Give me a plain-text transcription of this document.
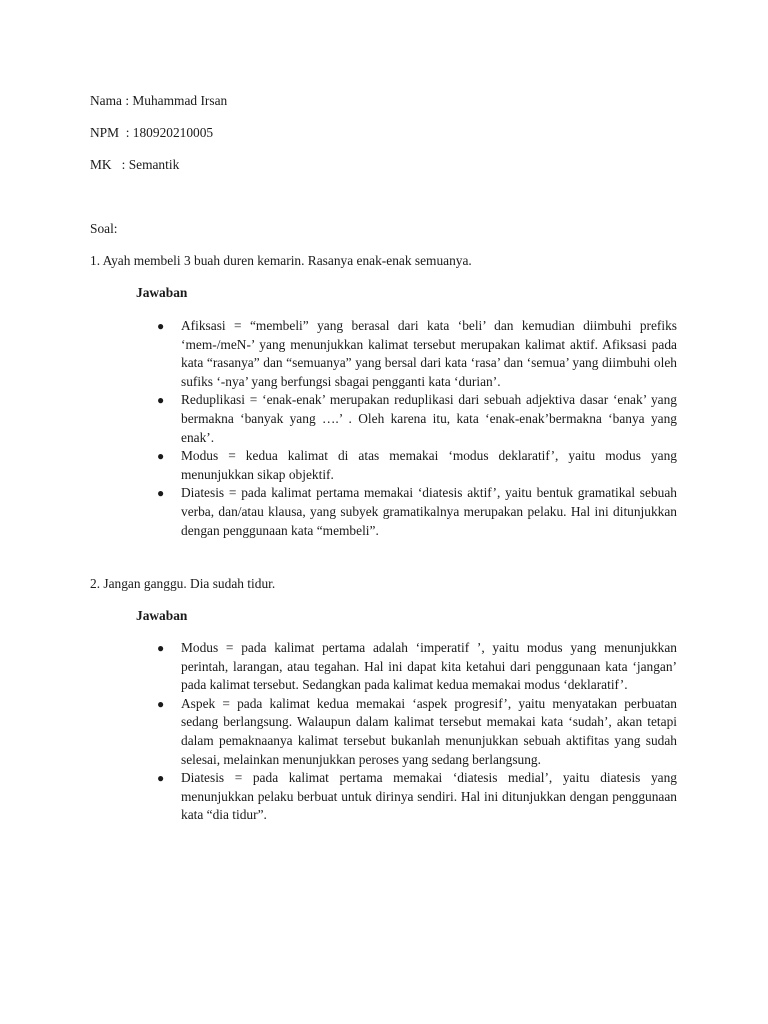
Nama : Muhammad Irsan
NPM  : 180920210005
MK   : Semantik
Soal:
1. Ayah membeli 3 buah duren kemarin. Rasanya enak-enak semuanya.
Jawaban
● Afiksasi = “membeli” yang berasal dari kata ‘beli’ dan kemudian diimbuhi prefiks ‘mem-/meN-’ yang menunjukkan kalimat tersebut merupakan kalimat aktif. Afiksasi pada kata “rasanya” dan “semuanya” yang bersal dari kata ‘rasa’ dan ‘semua’ yang diimbuhi oleh sufiks ‘-nya’ yang berfungsi sbagai pengganti kata ‘durian’.
● Reduplikasi = ‘enak-enak’ merupakan reduplikasi dari sebuah adjektiva dasar ‘enak’ yang bermakna ‘banyak yang ….’ . Oleh karena itu, kata ‘enak-enak’bermakna ‘banya yang enak’.
● Modus = kedua kalimat di atas memakai ‘modus deklaratif’, yaitu modus yang menunjukkan sikap objektif.
● Diatesis = pada kalimat pertama memakai ‘diatesis aktif’, yaitu bentuk gramatikal sebuah verba, dan/atau klausa, yang subyek gramatikalnya merupakan pelaku. Hal ini ditunjukkan dengan penggunaan kata “membeli”.
2. Jangan ganggu. Dia sudah tidur.
Jawaban
● Modus = pada kalimat pertama adalah ‘imperatif ’, yaitu modus yang menunjukkan perintah, larangan, atau tegahan. Hal ini dapat kita ketahui dari penggunaan kata ‘jangan’ pada kalimat tersebut. Sedangkan pada kalimat kedua memakai modus ‘deklaratif’.
● Aspek = pada kalimat kedua memakai ‘aspek progresif’, yaitu menyatakan perbuatan sedang berlangsung. Walaupun dalam kalimat tersebut memakai kata ‘sudah’, akan tetapi dalam pemaknaanya kalimat tersebut bukanlah menunjukkan sebuah aktifitas yang sudah selesai, melainkan menunjukkan peroses yang sedang berlangsung.
● Diatesis = pada kalimat pertama memakai ‘diatesis medial’, yaitu diatesis yang menunjukkan pelaku berbuat untuk dirinya sendiri. Hal ini ditunjukkan dengan penggunaan kata “dia tidur”.
